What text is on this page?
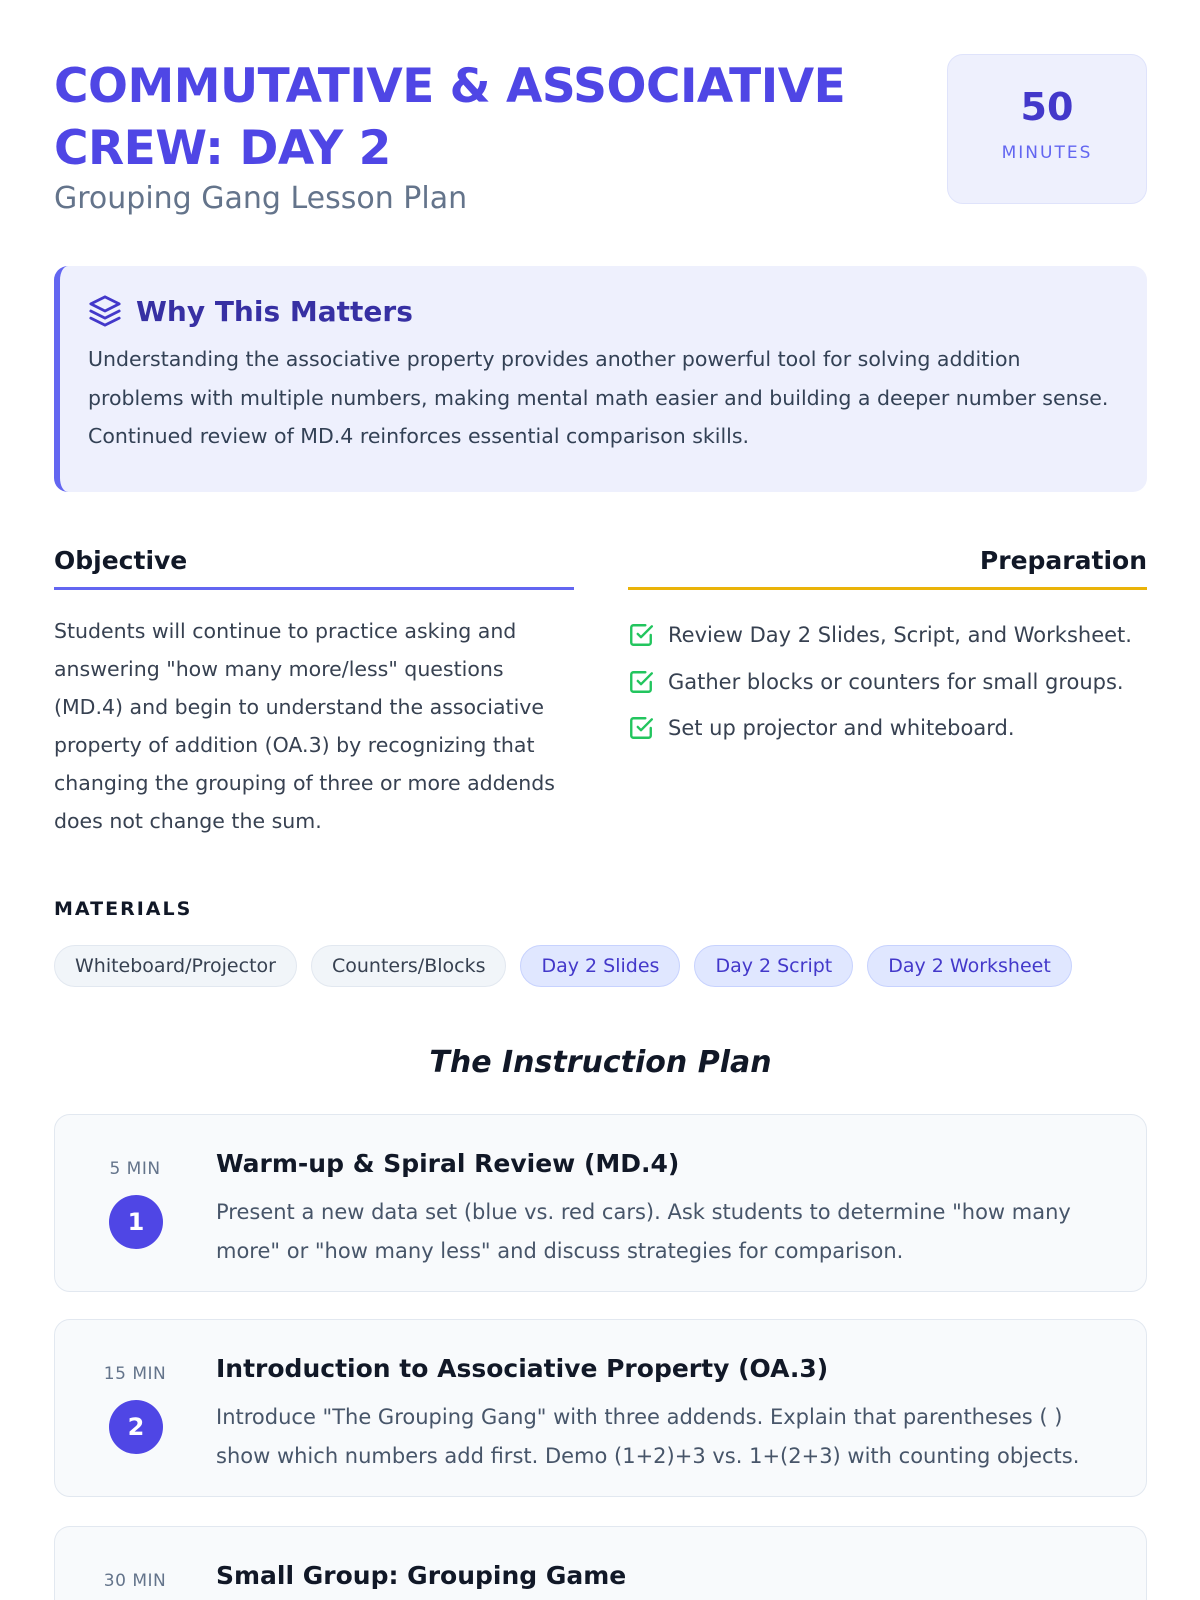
COMMUTATIVE & ASSOCIATIVE CREW: DAY 2
Grouping Gang Lesson Plan
50
MINUTES
Why This Matters

Understanding the associative property provides another powerful tool for solving addition problems with multiple numbers, making mental math easier and building a deeper number sense. Continued review of MD.4 reinforces essential comparison skills.

Objective

Students will continue to practice asking and answering "how many more/less" questions (MD.4) and begin to understand the associative property of addition (OA.3) by recognizing that changing the grouping of three or more addends does not change the sum.

Preparation
Review Day 2 Slides, Script, and Worksheet.
Gather blocks or counters for small groups.
Set up projector and whiteboard.
MATERIALS
Whiteboard/Projector	Counters/Blocks	Day 2 Slides	Day 2 Script	Day 2 Worksheet
The Instruction Plan
5 MIN
1
Warm-up & Spiral Review (MD.4)

Present a new data set (blue vs. red cars). Ask students to determine "how many more" or "how many less" and discuss strategies for comparison.

15 MIN
2
Introduction to Associative Property (OA.3)

Introduce "The Grouping Gang" with three addends. Explain that parentheses ( ) show which numbers add first. Demo (1+2)+3 vs. 1+(2+3) with counting objects.

30 MIN	Small Group: Grouping Game
